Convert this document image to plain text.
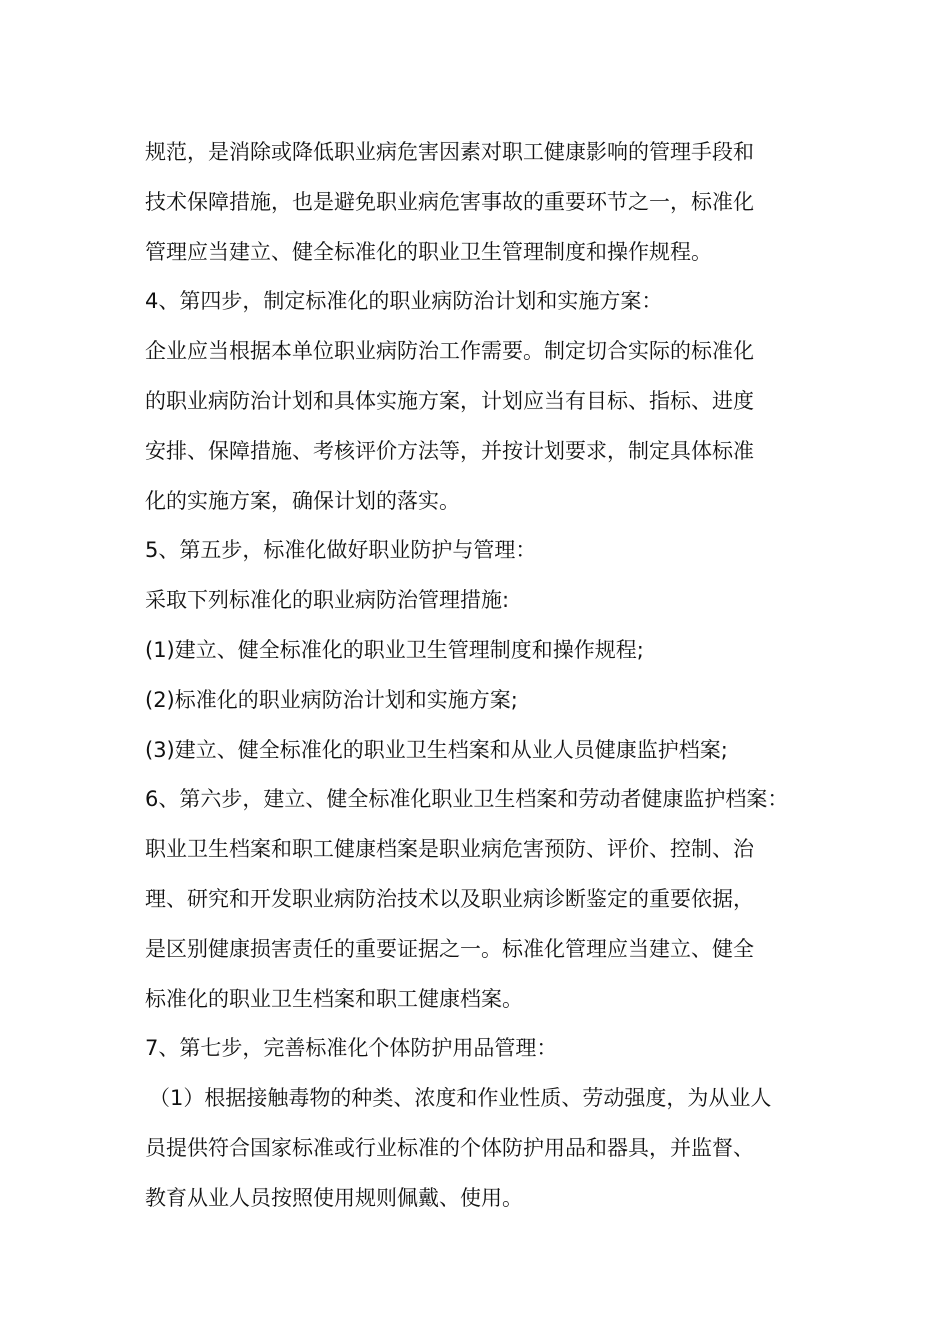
规范，是消除或降低职业病危害因素对职工健康影响的管理手段和
技术保障措施，也是避免职业病危害事故的重要环节之一，标准化
管理应当建立、健全标准化的职业卫生管理制度和操作规程。
4、第四步，制定标准化的职业病防治计划和实施方案：
企业应当根据本单位职业病防治工作需要。制定切合实际的标准化
的职业病防治计划和具体实施方案，计划应当有目标、指标、进度
安排、保障措施、考核评价方法等，并按计划要求，制定具体标准
化的实施方案，确保计划的落实。
5、第五步，标准化做好职业防护与管理：
采取下列标准化的职业病防治管理措施:
(1)建立、健全标准化的职业卫生管理制度和操作规程;
(2)标准化的职业病防治计划和实施方案;
(3)建立、健全标准化的职业卫生档案和从业人员健康监护档案;
6、第六步，建立、健全标准化职业卫生档案和劳动者健康监护档案：
职业卫生档案和职工健康档案是职业病危害预防、评价、控制、治
理、研究和开发职业病防治技术以及职业病诊断鉴定的重要依据，
是区别健康损害责任的重要证据之一。标准化管理应当建立、健全
标准化的职业卫生档案和职工健康档案。
7、第七步，完善标准化个体防护用品管理：
（1）根据接触毒物的种类、浓度和作业性质、劳动强度，为从业人
员提供符合国家标准或行业标准的个体防护用品和器具，并监督、
教育从业人员按照使用规则佩戴、使用。
